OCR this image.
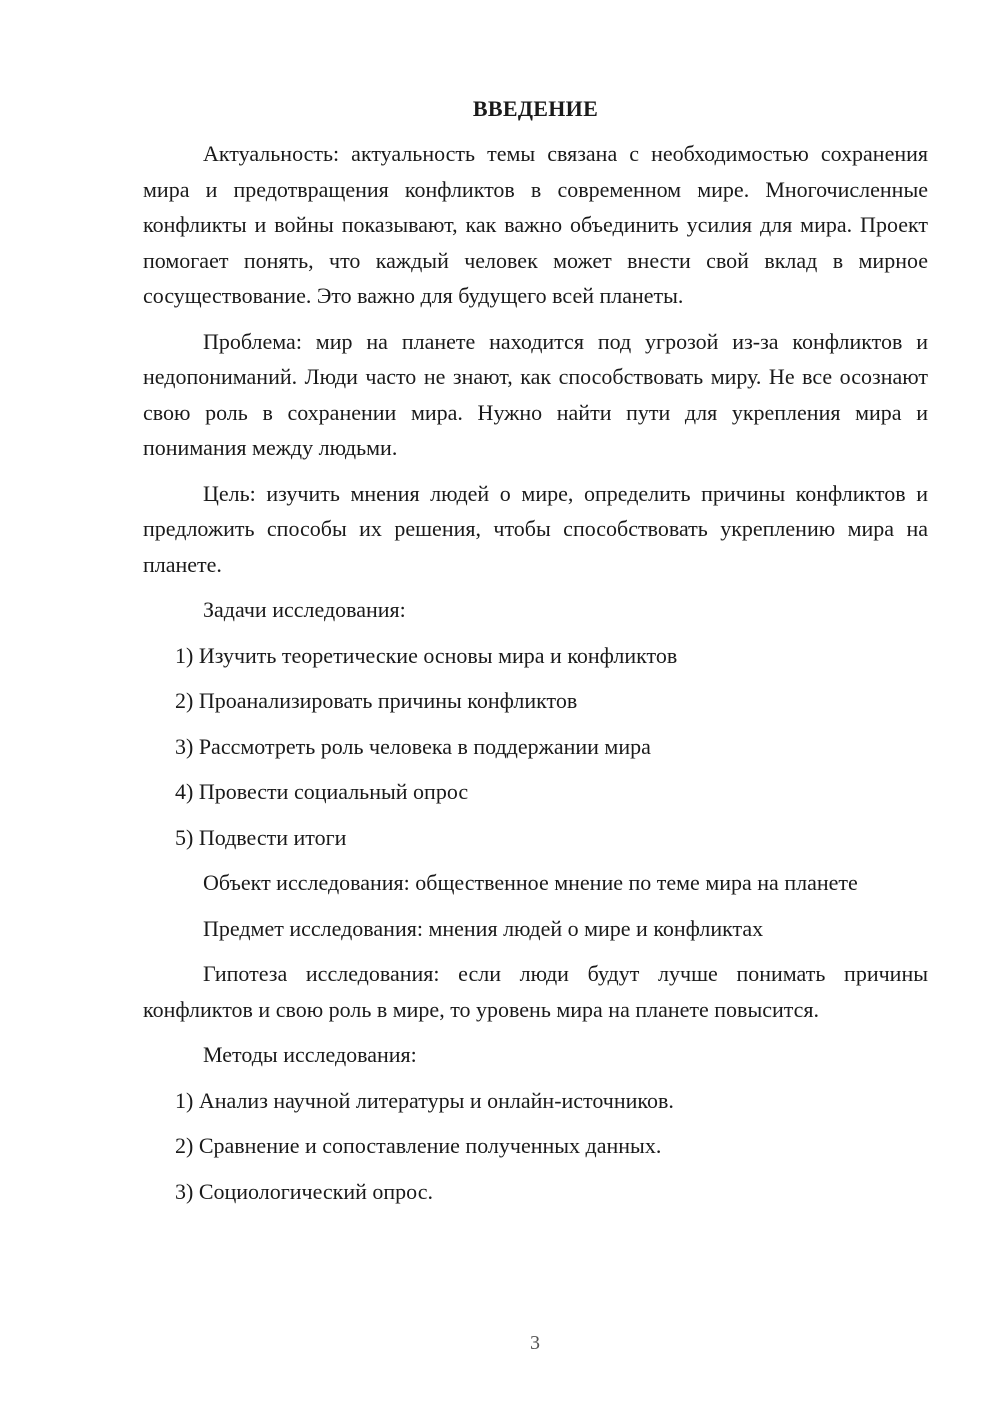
ВВЕДЕНИЕ

Актуальность: актуальность темы связана с необходимостью сохранения мира и предотвращения конфликтов в современном мире. Многочисленные конфликты и войны показывают, как важно объединить усилия для мира. Проект помогает понять, что каждый человек может внести свой вклад в мирное сосуществование. Это важно для будущего всей планеты.

Проблема: мир на планете находится под угрозой из-за конфликтов и недопониманий. Люди часто не знают, как способствовать миру. Не все осознают свою роль в сохранении мира. Нужно найти пути для укрепления мира и понимания между людьми.

Цель: изучить мнения людей о мире, определить причины конфликтов и предложить способы их решения, чтобы способствовать укреплению мира на планете.

Задачи исследования:

1) Изучить теоретические основы мира и конфликтов
2) Проанализировать причины конфликтов
3) Рассмотреть роль человека в поддержании мира
4) Провести социальный опрос
5) Подвести итоги

Объект исследования: общественное мнение по теме мира на планете

Предмет исследования: мнения людей о мире и конфликтах

Гипотеза исследования: если люди будут лучше понимать причины конфликтов и свою роль в мире, то уровень мира на планете повысится.

Методы исследования:

1) Анализ научной литературы и онлайн-источников.
2) Сравнение и сопоставление полученных данных.
3) Социологический опрос.
3
